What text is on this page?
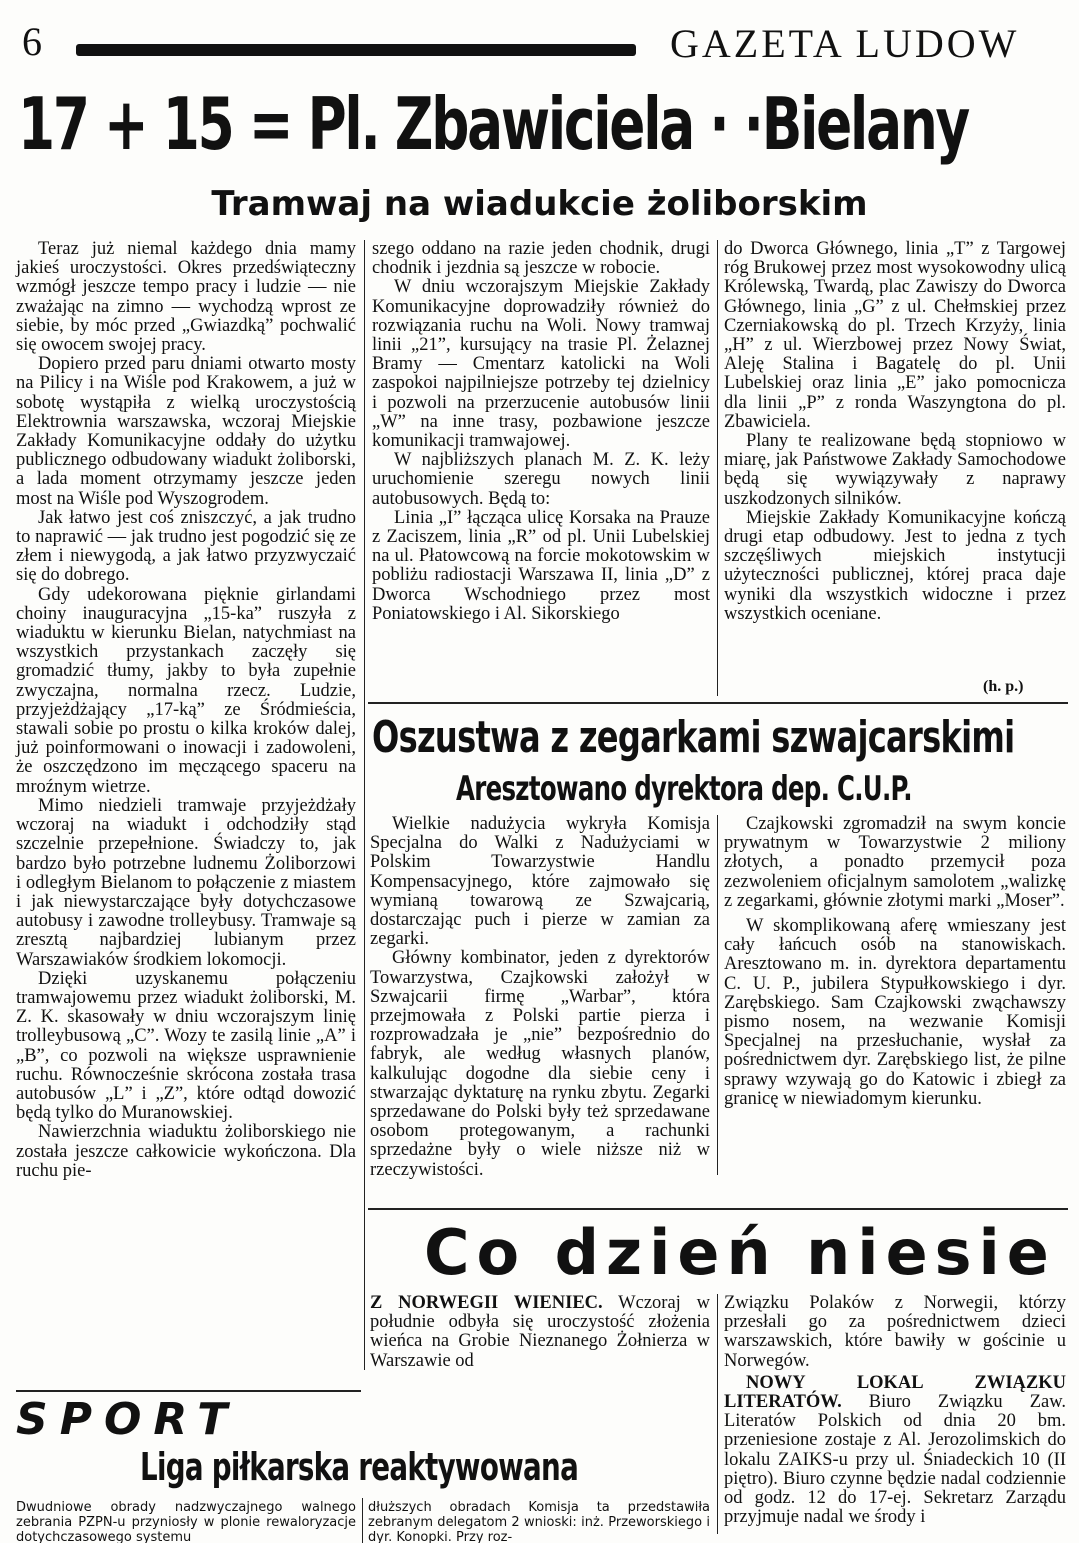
6	GAZETA LUDOW
17 + 15 = Pl. Zbawiciela · ·Bielany
Tramwaj na wiadukcie żoliborskim

Teraz już niemal każdego dnia mamy jakieś uroczystości. Okres przedświąteczny wzmógł jeszcze tempo pracy i ludzie — nie zważając na zimno — wychodzą wprost ze siebie, by móc przed „Gwiazdką” pochwalić się owocem swojej pracy.

Dopiero przed paru dniami otwarto mosty na Pilicy i na Wiśle pod Krakowem, a już w sobotę wystąpiła z wielką uroczystością Elektrownia warszawska, wczoraj Miejskie Zakłady Komunikacyjne oddały do użytku publicznego odbudowany wiadukt żoliborski, a lada moment otrzymamy jeszcze jeden most na Wiśle pod Wyszogrodem.

Jak łatwo jest coś zniszczyć, a jak trudno to naprawić — jak trudno jest pogodzić się ze złem i niewygodą, a jak łatwo przyzwyczaić się do dobrego.

Gdy udekorowana pięknie girlandami choiny inauguracyjna „15-ka” ruszyła z wiaduktu w kierunku Bielan, natychmiast na wszystkich przystankach zaczęły się gromadzić tłumy, jakby to była zupełnie zwyczajna, normalna rzecz. Ludzie, przyjeżdżający „17-ką” ze Śródmieścia, stawali sobie po prostu o kilka kroków dalej, już poinformowani o inowacji i zadowoleni, że oszczędzono im męczącego spaceru na mroźnym wietrze.

Mimo niedzieli tramwaje przyjeżdżały wczoraj na wiadukt i odchodziły stąd szczelnie przepełnione. Świadczy to, jak bardzo było potrzebne ludnemu Żoliborzowi i odległym Bielanom to połączenie z miastem i jak niewystarczające były dotychczasowe autobusy i zawodne trolleybusy. Tramwaje są zresztą najbardziej lubianym przez Warszawiaków środkiem lokomocji.

Dzięki uzyskanemu połączeniu tramwajowemu przez wiadukt żoliborski, M. Z. K. skasowały w dniu wczorajszym linię trolleybusową „C”. Wozy te zasilą linie „A” i „B”, co pozwoli na większe usprawnienie ruchu. Równocześnie skrócona została trasa autobusów „L” i „Z”, które odtąd dowozić będą tylko do Muranowskiej.

Nawierzchnia wiaduktu żoliborskiego nie została jeszcze całkowicie wykończona. Dla ruchu pie-

szego oddano na razie jeden chodnik, drugi chodnik i jezdnia są jeszcze w robocie.

W dniu wczorajszym Miejskie Zakłady Komunikacyjne doprowadziły również do rozwiązania ruchu na Woli. Nowy tramwaj linii „21”, kursujący na trasie Pl. Żelaznej Bramy — Cmentarz katolicki na Woli zaspokoi najpilniejsze potrzeby tej dzielnicy i pozwoli na przerzucenie autobusów linii „W” na inne trasy, pozbawione jeszcze komunikacji tramwajowej.

W najbliższych planach M. Z. K. leży uruchomienie szeregu nowych linii autobusowych. Będą to:

Linia „I” łącząca ulicę Korsaka na Prauze z Zaciszem, linia „R” od pl. Unii Lubelskiej na ul. Płatowcową na forcie mokotowskim w pobliżu radiostacji Warszawa II, linia „D” z Dworca Wschodniego przez most Poniatowskiego i Al. Sikorskiego

do Dworca Głównego, linia „T” z Targowej róg Brukowej przez most wysokowodny ulicą Królewską, Twardą, plac Zawiszy do Dworca Głównego, linia „G” z ul. Chełmskiej przez Czerniakowską do pl. Trzech Krzyży, linia „H” z ul. Wierzbowej przez Nowy Świat, Aleję Stalina i Bagatelę do pl. Unii Lubelskiej oraz linia „E” jako pomocnicza dla linii „P” z ronda Waszyngtona do pl. Zbawiciela.

Plany te realizowane będą stopniowo w miarę, jak Państwowe Zakłady Samochodowe będą się wywiązywały z naprawy uszkodzonych silników.

Miejskie Zakłady Komunikacyjne kończą drugi etap odbudowy. Jest to jedna z tych szczęśliwych miejskich instytucji użyteczności publicznej, której praca daje wyniki dla wszystkich widoczne i przez wszystkich oceniane.

(h. p.)
Oszustwa z zegarkami szwajcarskimi
Aresztowano dyrektora dep. C.U.P.

Wielkie nadużycia wykryła Komisja Specjalna do Walki z Nadużyciami w Polskim Towarzystwie Handlu Kompensacyjnego, które zajmowało się wymianą towarową ze Szwajcarią, dostarczając puch i pierze w zamian za zegarki.

Główny kombinator, jeden z dyrektorów Towarzystwa, Czajkowski założył w Szwajcarii firmę „Warbar”, która przejmowała z Polski partie pierza i rozprowadzała je „nie” bezpośrednio do fabryk, ale według własnych planów, kalkulując dogodne dla siebie ceny i stwarzając dyktaturę na rynku zbytu. Zegarki sprzedawane do Polski były też sprzedawane osobom protegowanym, a rachunki sprzedażne były o wiele niższe niż w rzeczywistości.

Czajkowski zgromadził na swym koncie prywatnym w Towarzystwie 2 miliony złotych, a ponadto przemycił poza zezwoleniem oficjalnym samolotem „walizkę z zegarkami, głównie złotymi marki „Moser”.

W skomplikowaną aferę wmieszany jest cały łańcuch osób na stanowiskach. Aresztowano m. in. dyrektora departamentu C. U. P., jubilera Stypułkowskiego i dyr. Zarębskiego. Sam Czajkowski zwąchawszy pismo nosem, na wezwanie Komisji Specjalnej na przesłuchanie, wysłał za pośrednictwem dyr. Zarębskiego list, że pilne sprawy wzywają go do Katowic i zbiegł za granicę w niewiadomym kierunku.

Co dzień niesie

Z NORWEGII WIENIEC. Wczoraj w południe odbyła się uroczystość złożenia wieńca na Grobie Nieznanego Żołnierza w Warszawie od

Związku Polaków z Norwegii, którzy przesłali go za pośrednictwem dzieci warszawskich, które bawiły w gościnie u Norwegów.

NOWY LOKAL ZWIĄZKU LITERATÓW. Biuro Związku Zaw. Literatów Polskich od dnia 20 bm. przeniesione zostaje z Al. Jerozolimskich do lokalu ZAIKS-u przy ul. Śniadeckich 10 (II piętro). Biuro czynne będzie nadal codziennie od godz. 12 do 17-ej. Sekretarz Zarządu przyjmuje nadal we środy i

SPORT
Liga piłkarska reaktywowana
Dwudniowe obrady nadzwyczajnego walnego zebrania PZPN-u przyniosły w plonie rewaloryzacje dotychczasowego systemu
dłuższych obradach Komisja ta przedstawiła zebranym delegatom 2 wnioski: inż. Przeworskiego i dyr. Konopki. Przy roz-
